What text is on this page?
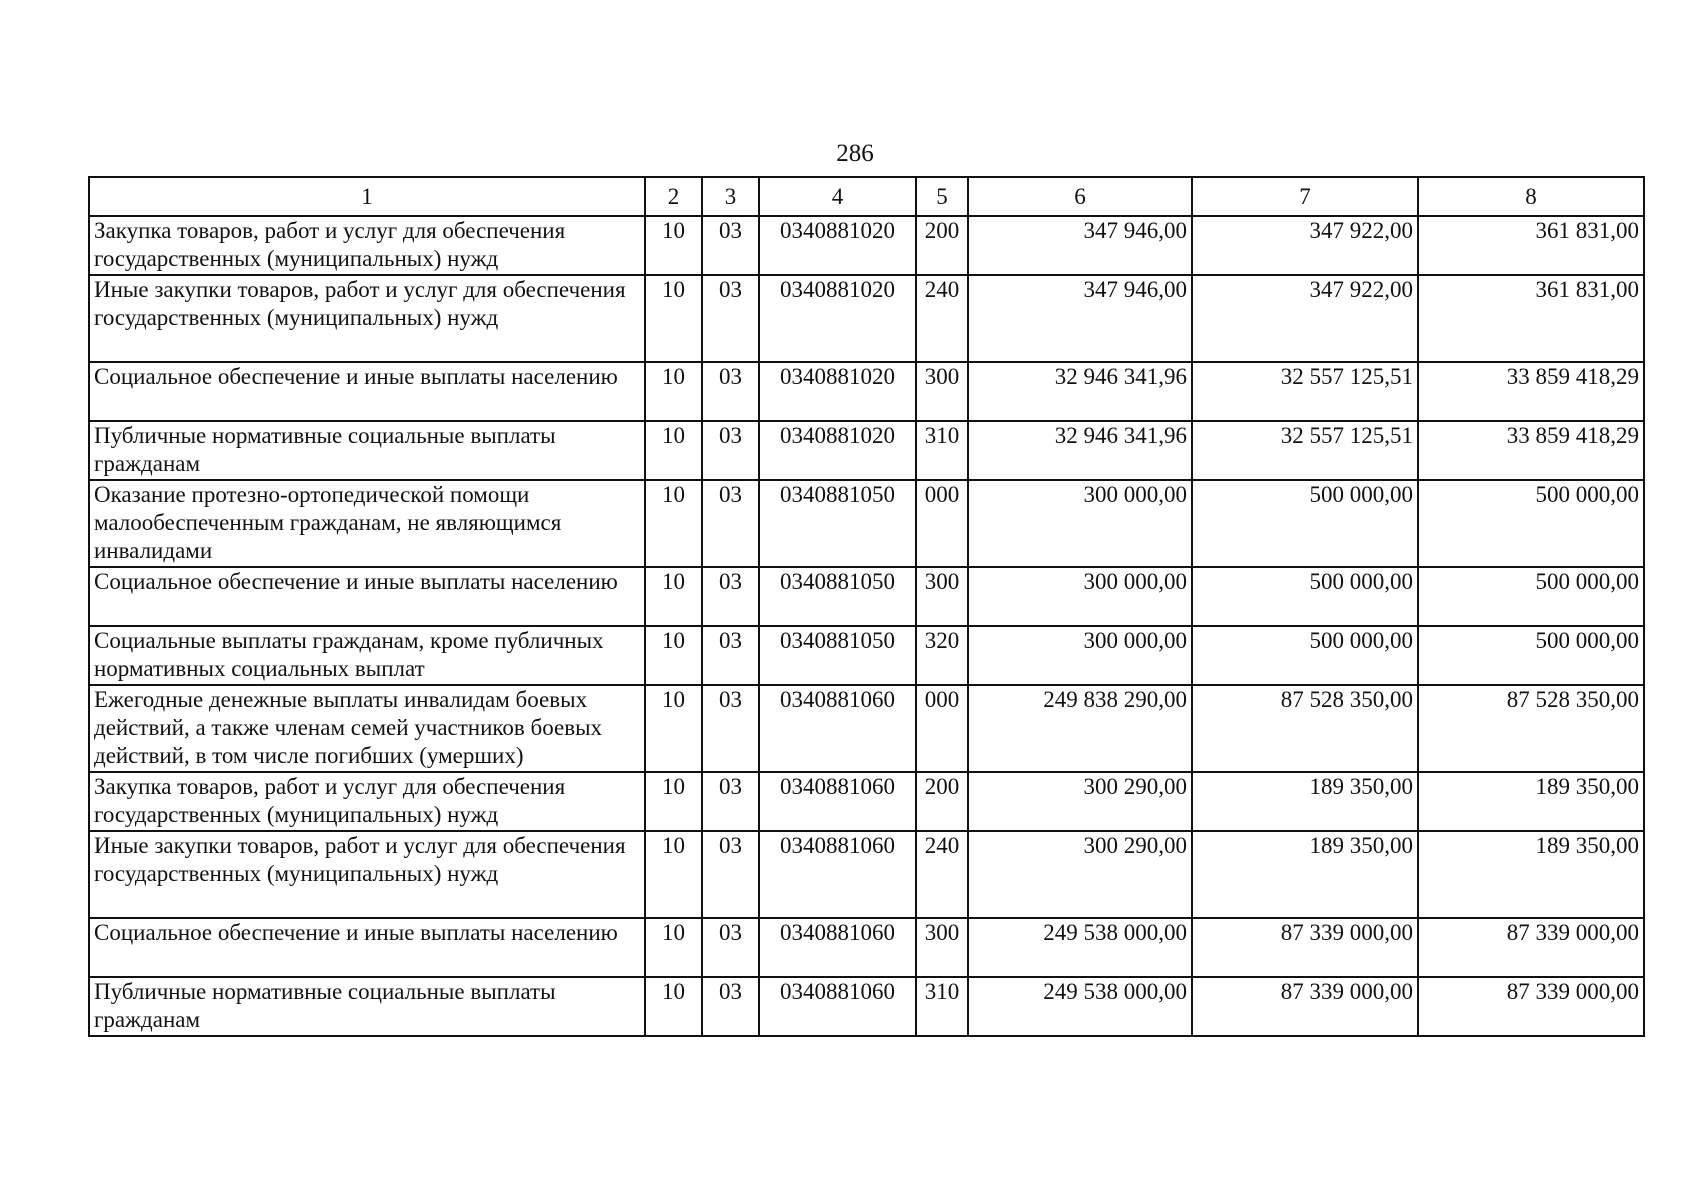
286
1	2	3	4	5	6	7	8
Закупка товаров, работ и услуг для обеспечения государственных (муниципальных) нужд	10	03	0340881020	200	347 946,00	347 922,00	361 831,00
Иные закупки товаров, работ и услуг для обеспечения государственных (муниципальных) нужд	10	03	0340881020	240	347 946,00	347 922,00	361 831,00
Социальное обеспечение и иные выплаты населению	10	03	0340881020	300	32 946 341,96	32 557 125,51	33 859 418,29
Публичные нормативные социальные выплаты гражданам	10	03	0340881020	310	32 946 341,96	32 557 125,51	33 859 418,29
Оказание протезно-ортопедической помощи малообеспеченным гражданам, не являющимся инвалидами	10	03	0340881050	000	300 000,00	500 000,00	500 000,00
Социальное обеспечение и иные выплаты населению	10	03	0340881050	300	300 000,00	500 000,00	500 000,00
Социальные выплаты гражданам, кроме публичных нормативных социальных выплат	10	03	0340881050	320	300 000,00	500 000,00	500 000,00
Ежегодные денежные выплаты инвалидам боевых действий, а также членам семей участников боевых действий, в том числе погибших (умерших)	10	03	0340881060	000	249 838 290,00	87 528 350,00	87 528 350,00
Закупка товаров, работ и услуг для обеспечения государственных (муниципальных) нужд	10	03	0340881060	200	300 290,00	189 350,00	189 350,00
Иные закупки товаров, работ и услуг для обеспечения государственных (муниципальных) нужд	10	03	0340881060	240	300 290,00	189 350,00	189 350,00
Социальное обеспечение и иные выплаты населению	10	03	0340881060	300	249 538 000,00	87 339 000,00	87 339 000,00
Публичные нормативные социальные выплаты гражданам	10	03	0340881060	310	249 538 000,00	87 339 000,00	87 339 000,00
